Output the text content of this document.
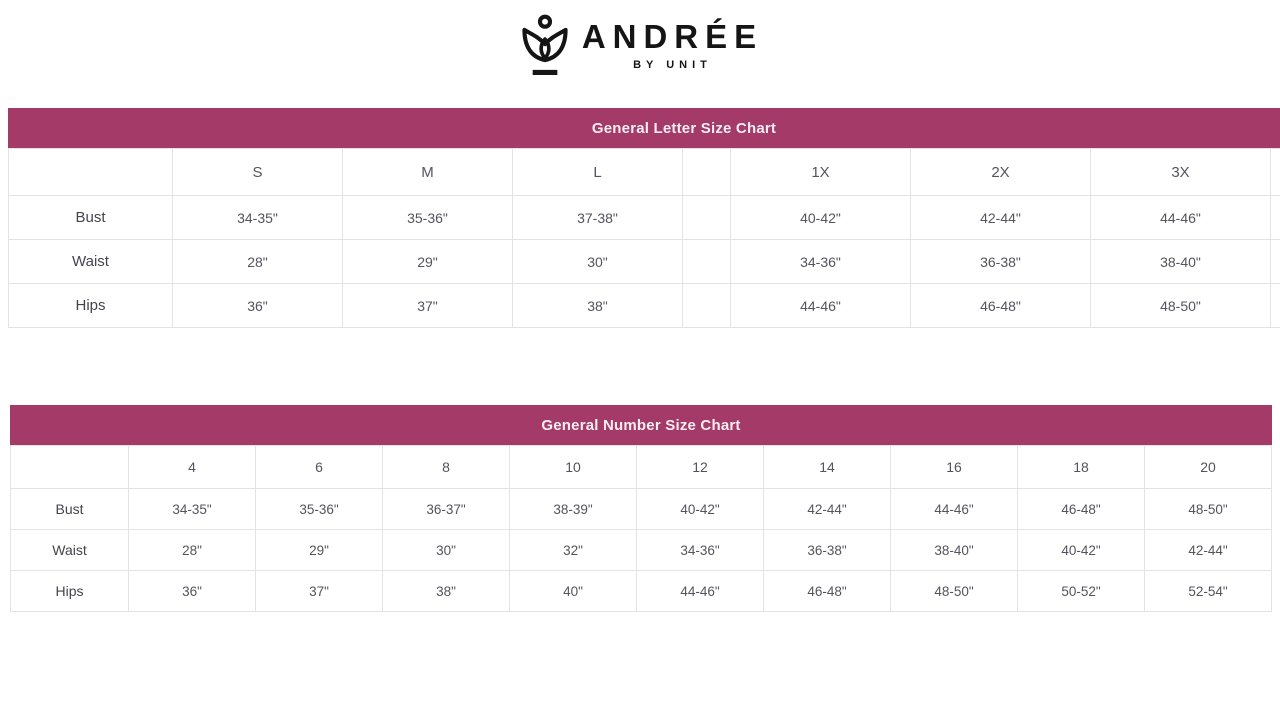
ANDRÉE
BY UNIT
General Letter Size Chart
	S	M	L		1X	2X	3X	
Bust	34-35"	35-36"	37-38"		40-42"	42-44"	44-46"	
Waist	28"	29"	30"		34-36"	36-38"	38-40"	
Hips	36"	37"	38"		44-46"	46-48"	48-50"	
General Number Size Chart
	4	6	8	10	12	14	16	18	20
Bust	34-35"	35-36"	36-37"	38-39"	40-42"	42-44"	44-46"	46-48"	48-50"
Waist	28"	29"	30"	32"	34-36"	36-38"	38-40"	40-42"	42-44"
Hips	36"	37"	38"	40"	44-46"	46-48"	48-50"	50-52"	52-54"
